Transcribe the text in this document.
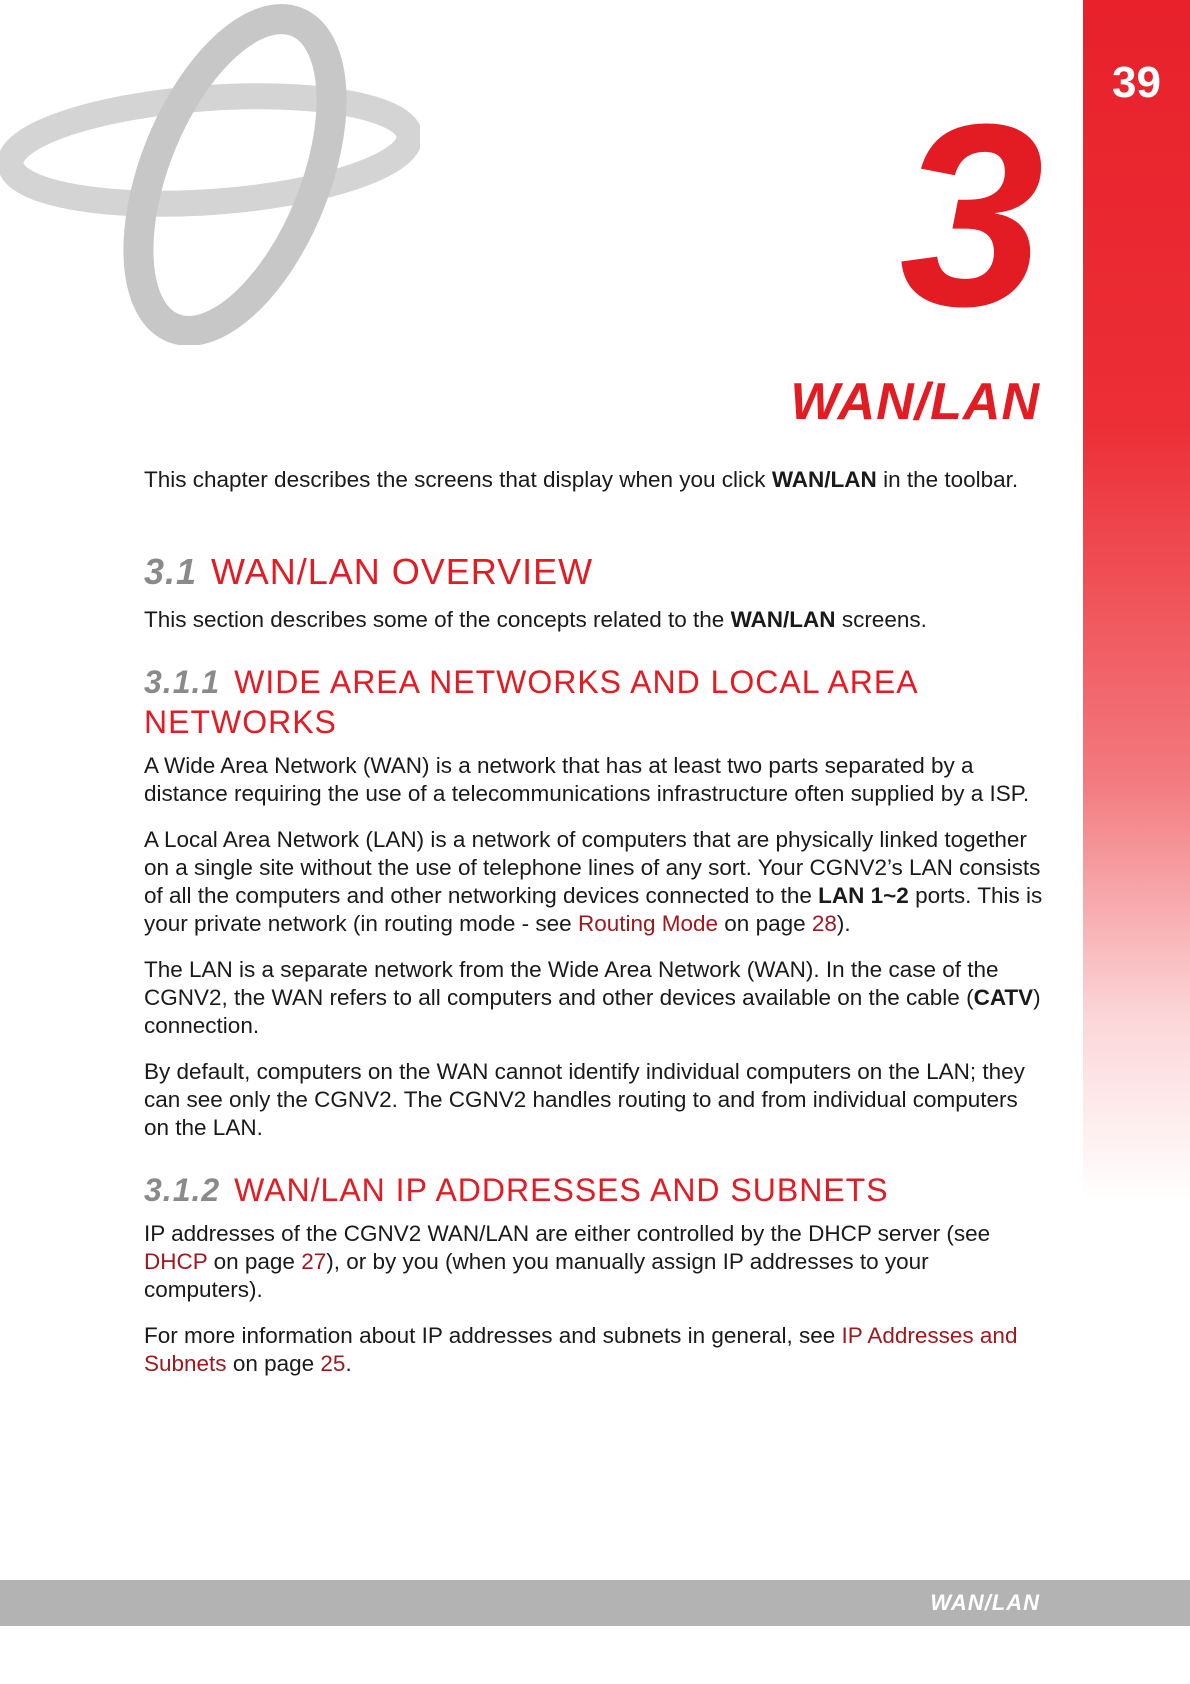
39
3
WAN/LAN

This chapter describes the screens that display when you click WAN/LAN in the toolbar.

3.1 WAN/LAN OVERVIEW

This section describes some of the concepts related to the WAN/LAN screens.

3.1.1 WIDE AREA NETWORKS AND LOCAL AREA NETWORKS

A Wide Area Network (WAN) is a network that has at least two parts separated by a distance requiring the use of a telecommunications infrastructure often supplied by a ISP.

A Local Area Network (LAN) is a network of computers that are physically linked together on a single site without the use of telephone lines of any sort. Your CGNV2’s LAN consists of all the computers and other networking devices connected to the LAN 1~2 ports. This is your private network (in routing mode - see Routing Mode on page 28).

The LAN is a separate network from the Wide Area Network (WAN). In the case of the CGNV2, the WAN refers to all computers and other devices available on the cable (CATV) connection.

By default, computers on the WAN cannot identify individual computers on the LAN; they can see only the CGNV2. The CGNV2 handles routing to and from individual computers on the LAN.

3.1.2 WAN/LAN IP ADDRESSES AND SUBNETS

IP addresses of the CGNV2 WAN/LAN are either controlled by the DHCP server (see DHCP on page 27), or by you (when you manually assign IP addresses to your computers).

For more information about IP addresses and subnets in general, see IP Addresses and Subnets on page 25.

WAN/LAN
